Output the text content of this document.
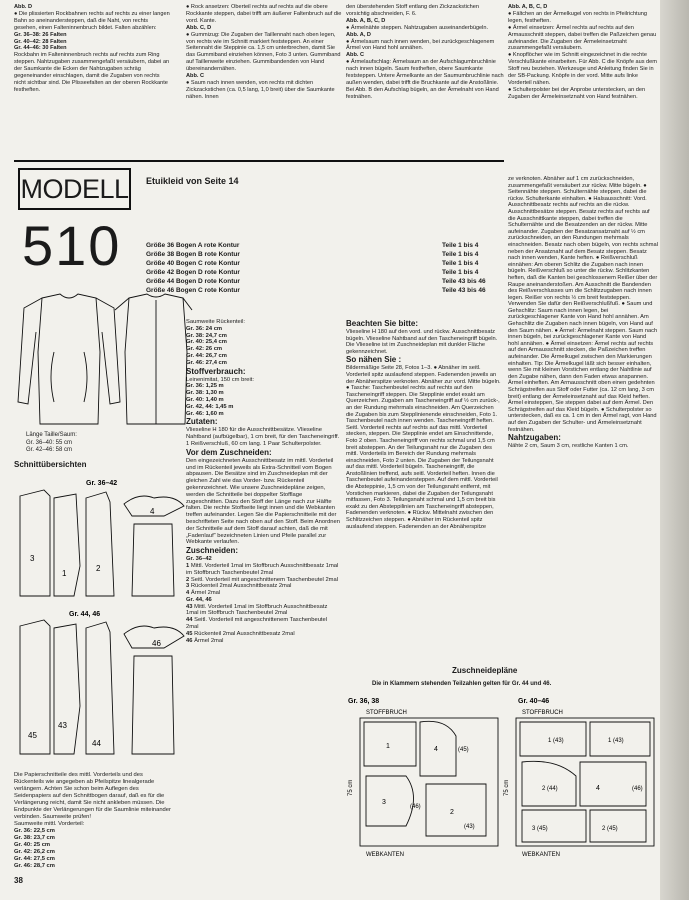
Abb. D

● Die plissierten Rockbahnen rechts auf rechts zu einer langen Bahn so aneinandersteppen, daß die Naht, von rechts gesehen, einen Falteninnenbruch bildet. Falten abzählen:

Gr. 36–38: 26 Falten

Gr. 40–42: 28 Falten

Gr. 44–46: 30 Falten

Rockbahn im Falteninnenbruch rechts auf rechts zum Ring steppen. Nahtzugaben zusammengefaßt versäubern, dabei an der Saumkante die Ecken der Nahtzugaben schräg gegeneinander einschlagen, damit die Zugaben von rechts nicht sichtbar sind. Die Plisseefalten an der oberen Rockkante festheften.

● Rock ansetzen: Oberteil rechts auf rechts auf die obere Rockkante steppen, dabei trifft am äußerer Faltenbruch auf die vord. Kante.

Abb. C, D

● Gummizug: Die Zugaben der Taillennaht nach oben legen, von rechts wie im Schnitt markiert feststeppen. An einer Seitennaht die Steppinie ca. 1,5 cm unterbrechen, damit Sie das Gummiband einziehen können, Foto 3 unten. Gummiband auf Taillenweite einziehen. Gummibandenden von Hand übereinandernähen.

Abb. C

● Saum nach innen wenden, von rechts mit dichten Zickzackstichen (ca. 0,5 lang, 1,0 breit) über die Saumkante nähen. Innen

den überstehenden Stoff entlang den Zickzackstichen vorsichtig abschneiden, F. 6.

Abb. A, B, C, D

● Ärmelnähte steppen. Nahtzugaben auseinanderbügeln.

Abb. A, D

● Ärmelsaum nach innen wenden, bei zurückgeschlagenem Ärmel von Hand hohl annähen.

Abb. C

● Ärmelaufschlag: Ärmelsaum an der Aufschlagumbruchlinie nach innen bügeln. Saum festheften, obere Saumkante feststeppen. Untere Ärmelkante an der Saumumbruchlinie nach außen wenden, dabei trifft die Bruchkante auf die Anstoßlinie. Bei Abb. B den Aufschlag bügeln, an der Ärmelnaht von Hand festnähen.

Abb. A, B, C, D

● Fältchen an der Ärmelkugel von rechts in Pfeilrichtung legen, festheften.

● Ärmel einsetzen: Ärmel rechts auf rechts auf den Armausschnitt steppen, dabei treffen die Paßzeichen genau aufeinander. Die Zugaben der Ärmeleinsetznaht zusammengefaßt versäubern.

● Knopflöcher wie im Schnitt eingezeichnet in die rechte Verschlußkante einarbeiten. Für Abb. C die Knöpfe aus dem Stoff neu beziehen. Werkzeuge und Anleitung finden Sie in der SB-Packung. Knöpfe in der vord. Mitte aufs linke Vorderteil nähen.

● Schulterpolster bei der Anprobe unterstecken, an den Zugaben der Ärmeleinsetznaht von Hand festnähen.

MODELL
510
Etuikleid von Seite 14
Größe 36 Bogen A rote Kontur	Teile 1 bis 4
Größe 38 Bogen B rote Kontur	Teile 1 bis 4
Größe 40 Bogen C rote Kontur	Teile 1 bis 4
Größe 42 Bogen D rote Kontur	Teile 1 bis 4
Größe 44 Bogen D rote Kontur	Teile 43 bis 46
Größe 46 Bogen C rote Kontur	Teile 43 bis 46

Länge Taille/Saum:

Gr. 36–40: 55 cm

Gr. 42–46: 58 cm

Schnittübersichten
Gr. 36–42
3
1
2
4
Gr. 44, 46
45
43
44
46

Die Papierschnitteile des mittl. Vorderteils und des Rückenteils wie angegeben ab Pfeilspitze linealgerade verlängern. Achten Sie schon beim Auflegen des Seidenpapiers auf den Schnittbogen darauf, daß es für die Verlängerung reicht, damit Sie nicht ankleben müssen. Die Endpunkte der Verlängerungen für die Saumlinie miteinander verbinden. Saumweite prüfen!

Saumweite mittl. Vorderteil:

Gr. 36: 22,5 cm

Gr. 38: 23,7 cm

Gr. 40: 25 cm

Gr. 42: 26,2 cm

Gr. 44: 27,5 cm

Gr. 46: 28,7 cm

38

Saumweite Rückenteil:

Gr. 36: 24 cm

Gr. 38: 24,7 cm

Gr. 40: 25,4 cm

Gr. 42: 26 cm

Gr. 44: 26,7 cm

Gr. 46: 27,4 cm

Stoffverbrauch:

Leinenimitat, 150 cm breit:

Gr. 36: 1,25 m

Gr. 38: 1,30 m

Gr. 40: 1,40 m

Gr. 42, 44: 1,45 m

Gr. 46: 1,60 m

Zutaten:

Vlieseline H 180 für die Ausschnittbesätze. Vlieseline Nahtband (aufbügelbar), 1 cm breit, für den Tascheneingriff. 1 Reißverschluß, 60 cm lang. 1 Paar Schulterpolster.

Vor dem Zuschneiden:

Den eingezeichneten Ausschnittbesatz im mittl. Vorderteil und im Rückenteil jeweils als Extra-Schnitteil vom Bogen abpausen. Die Besätze sind im Zuschneideplan mit der gleichen Zahl wie das Vorder- bzw. Rückenteil gekennzeichnet. Wie unsere Zuschneidepläne zeigen, werden die Schnitteile bei doppelter Stofflage zugeschnitten. Dazu den Stoff der Länge nach zur Hälfte falten. Die rechte Stoffseite liegt innen und die Webkanten treffen aufeinander. Legen Sie die Papierschnitteile mit der beschrifteten Seite nach oben auf den Stoff. Beim Anordnen der Schnitteile auf dem Stoff darauf achten, daß die mit „Fadenlauf“ bezeichneten Linien und Pfeile parallel zur Webkante verlaufen.

Zuschneiden:

Gr. 36–42

1 Mittl. Vorderteil 1mal im Stoffbruch Ausschnittbesatz 1mal im Stoffbruch Taschenbeutel 2mal

2 Seitl. Vorderteil mit angeschnittenem Taschenbeutel 2mal

3 Rückenteil 2mal Ausschnittbesatz 2mal

4 Ärmel 2mal

Gr. 44, 46

43 Mittl. Vorderteil 1mal im Stoffbruch Ausschnittbesatz 1mal im Stoffbruch Taschenbeutel 2mal

44 Seitl. Vorderteil mit angeschnittenem Taschenbeutel 2mal

45 Rückenteil 2mal Ausschnittbesatz 2mal

46 Ärmel 2mal

Beachten Sie bitte:

Vlieseline H 180 auf den vord. und rückw. Ausschnittbesatz bügeln. Vlieseline Nahtband auf den Tascheneingriff bügeln. Die Vlieseline ist im Zuschneideplan mit dunkler Fläche gekennzeichnet.

So nähen Sie :

Bildermäßige Seite 28, Fotos 1–3. ● Abnäher im seitl. Vorderteil spitz auslaufend steppen. Fadenenden jeweils an der Abnäherspitze verknoten. Abnäher zur vord. Mitte bügeln. ● Tasche: Taschenbeutel rechts auf rechts auf den Tascheneingriff steppen. Die Stepplinie endet exakt am Querzeichen. Zugaben am Tascheneingriff auf ½ cm zurück-, an der Rundung mehrmals einschneiden. Am Querzeichen die Zugaben bis zum Stepplinienende einschneiden, Foto 1. Taschenbeutel nach innen wenden. Tascheneingriff heften. Seitl. Vorderteil rechts auf rechts auf das mittl. Vorderteil stecken, steppen. Die Stepplinie endet am Einschnittende, Foto 2 oben. Tascheneingriff von rechts schmal und 1,5 cm breit absteppen. An der Teilungsnaht nur die Zugaben des mittl. Vorderteils im Bereich der Rundung mehrmals einschneiden, Foto 2 unten. Die Zugaben der Teilungsnaht auf das mittl. Vorderteil bügeln. Tascheneingriff, die Anstoßlinien treffend, aufs seitl. Vorderteil heften. Innen die Taschenbeutel aufeinandersteppen. Auf dem mittl. Vorderteil die Absteppinie, 1,5 cm von der Teilungsnaht entfernt, mit Vorstichen markieren, dabei die Zugaben der Teilungsnaht mitfassen, Foto 3. Teilungsnaht schmal und 1,5 cm breit bis exakt zu den Absteppilinien am Tascheneingriff absteppen, Fadenenden verknoten. ● Rückw. Mittelnaht zwischen den Schlitzzeichen steppen. ● Abnäher im Rückenteil spitz auslaufend steppen. Fadenenden an der Abnäherspitze

ze verknoten. Abnäher auf 1 cm zurückschneiden, zusammengefaßt versäubert zur rückw. Mitte bügeln. ● Seitennähte steppen. Schulternähte steppen, dabei die rückw. Schulterkante einhalten. ● Halsausschnitt: Vord. Ausschnittbesatz rechts auf rechts an die rückw. Ausschnittbesätze steppen. Besatz rechts auf rechts auf die Ausschnittkante steppen, dabei treffen die Schulternähte und die Besatzenden an der rückw. Mitte aufeinander. Zugaben der Besatzansatznaht auf ½ cm zurückschneiden, an den Rundungen mehrmals einschneiden. Besatz nach oben bügeln, von rechts schmal neben der Ansatznaht auf dem Besatz steppen. Besatz nach innen wenden, Kante heften. ● Reißverschluß einnähen: Am oberen Schlitz die Zugaben nach innen bügeln. Reißverschluß so unter die rückw. Schlitzkanten heften, daß die Kanten bei geschlossenem Reißer über der Raupe aneinanderstoßen. Am Ausschnitt die Bandenden des Reißverschlusses um die Schlitzzugaben nach innen legen. Reißer von rechts ½ cm breit feststeppen. Verwenden Sie dafür den Reißverschlußfuß. ● Saum und Gehschlitz: Saum nach innen legen, bei zurückgeschlagener Kante von Hand hohl annähen. Am Gehschlitz die Zugaben nach innen bügeln, von Hand auf den Saum nähen. ● Ärmel: Ärmelnaht steppen. Saum nach innen bügeln, bei zurückgeschlagener Kante von Hand hohl annähen. ● Ärmel einsetzen: Ärmel rechts auf rechts auf den Armausschnitt stecken, die Paßzeichen treffen aufeinander. Die Ärmelkugel zwischen den Markierungen einhalten. Tip: Die Ärmelkugel läßt sich besser einhalten, wenn Sie mit kleinen Vorstichen entlang der Nahtlinie auf den Zugabe nähen, dann den Faden etwas anspannen. Ärmel einheften. Am Armausschnitt oben einen gedehnten Schrägstreifen aus Stoff oder Futter (ca. 12 cm lang, 3 cm breit) entlang der Ärmeleinsetznaht auf das Kleid heften. Ärmel einsteppen, Sie steppen dabei auf dem Ärmel. Den Schrägstreifen auf das Kleid bügeln. ● Schulterpolster so unterstecken, daß es ca. 1 cm in den Ärmel ragt, von Hand auf den Zugaben der Schulter- und Ärmeleinsetznaht festnähen.

Nahtzugaben:

Nähte 2 cm, Saum 3 cm, restliche Kanten 1 cm.

Zuschneidepläne
Die in Klammern stehenden Teilzahlen gelten für Gr. 44 und 46.
Gr. 36, 38
STOFFBRUCH
WEBKANTEN
75 cm
1	4	(45)
3
(46)
2
(43)
Gr. 40–46
STOFFBRUCH
WEBKANTEN
75 cm
1 (43)	1 (43)
(46)
2 (44)
3 (45)	2 (45)
4
